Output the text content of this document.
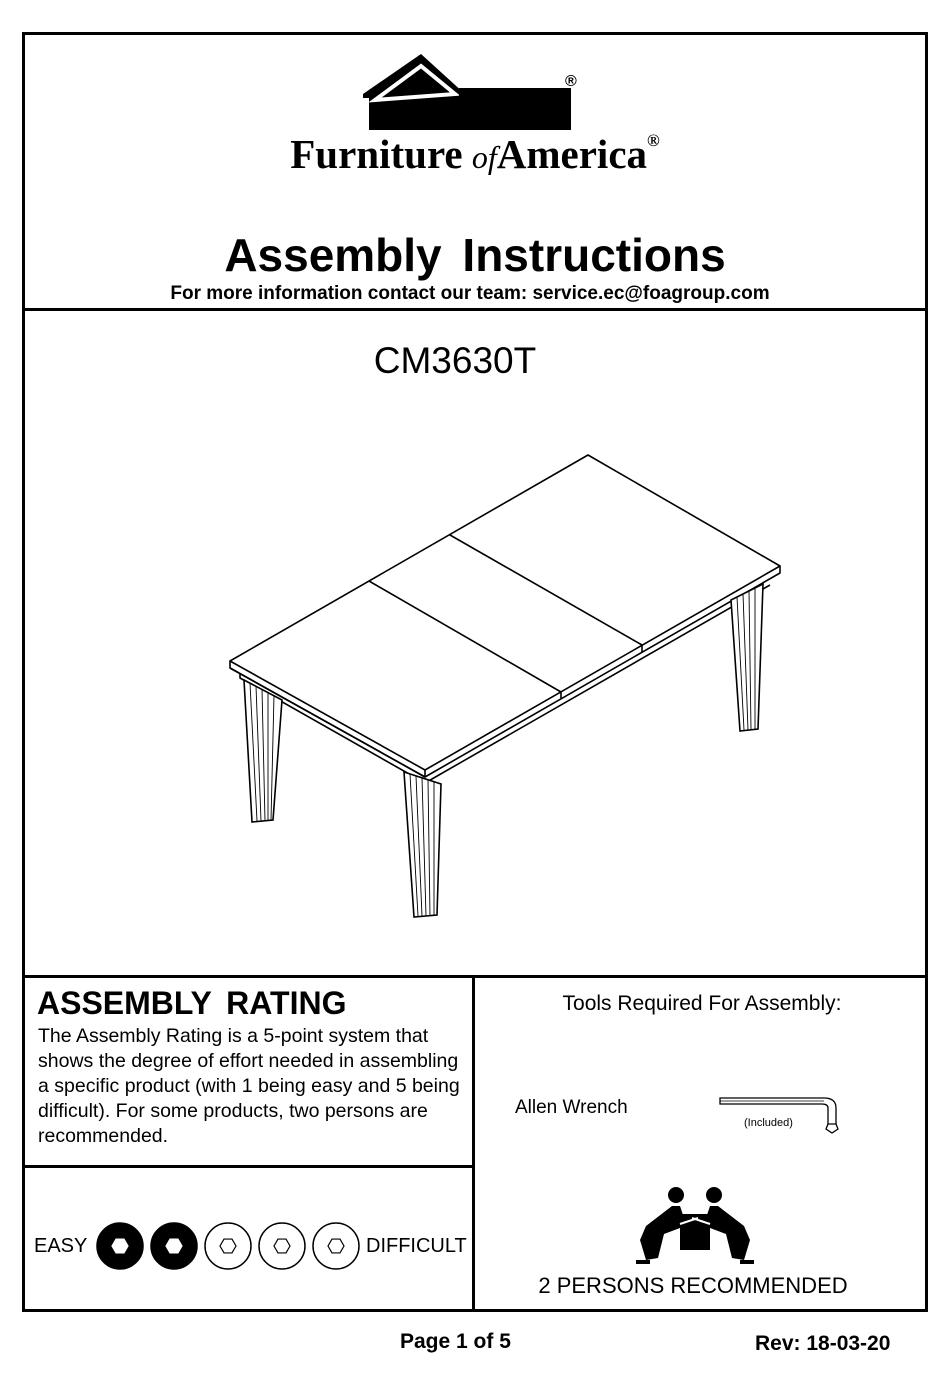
®
Furniture ofAmerica®
Assembly Instructions
For more information contact our team: service.ec@foagroup.com
CM3630T
ASSEMBLY RATING
The Assembly Rating is a 5-point system that shows the degree of effort needed in assembling a specific product (with 1 being easy and 5 being difficult). For some products, two persons are recommended.
EASY	DIFFICULT
Tools Required For Assembly:
Allen Wrench
(Included)
2 PERSONS RECOMMENDED
Page 1 of 5	Rev: 18-03-20
